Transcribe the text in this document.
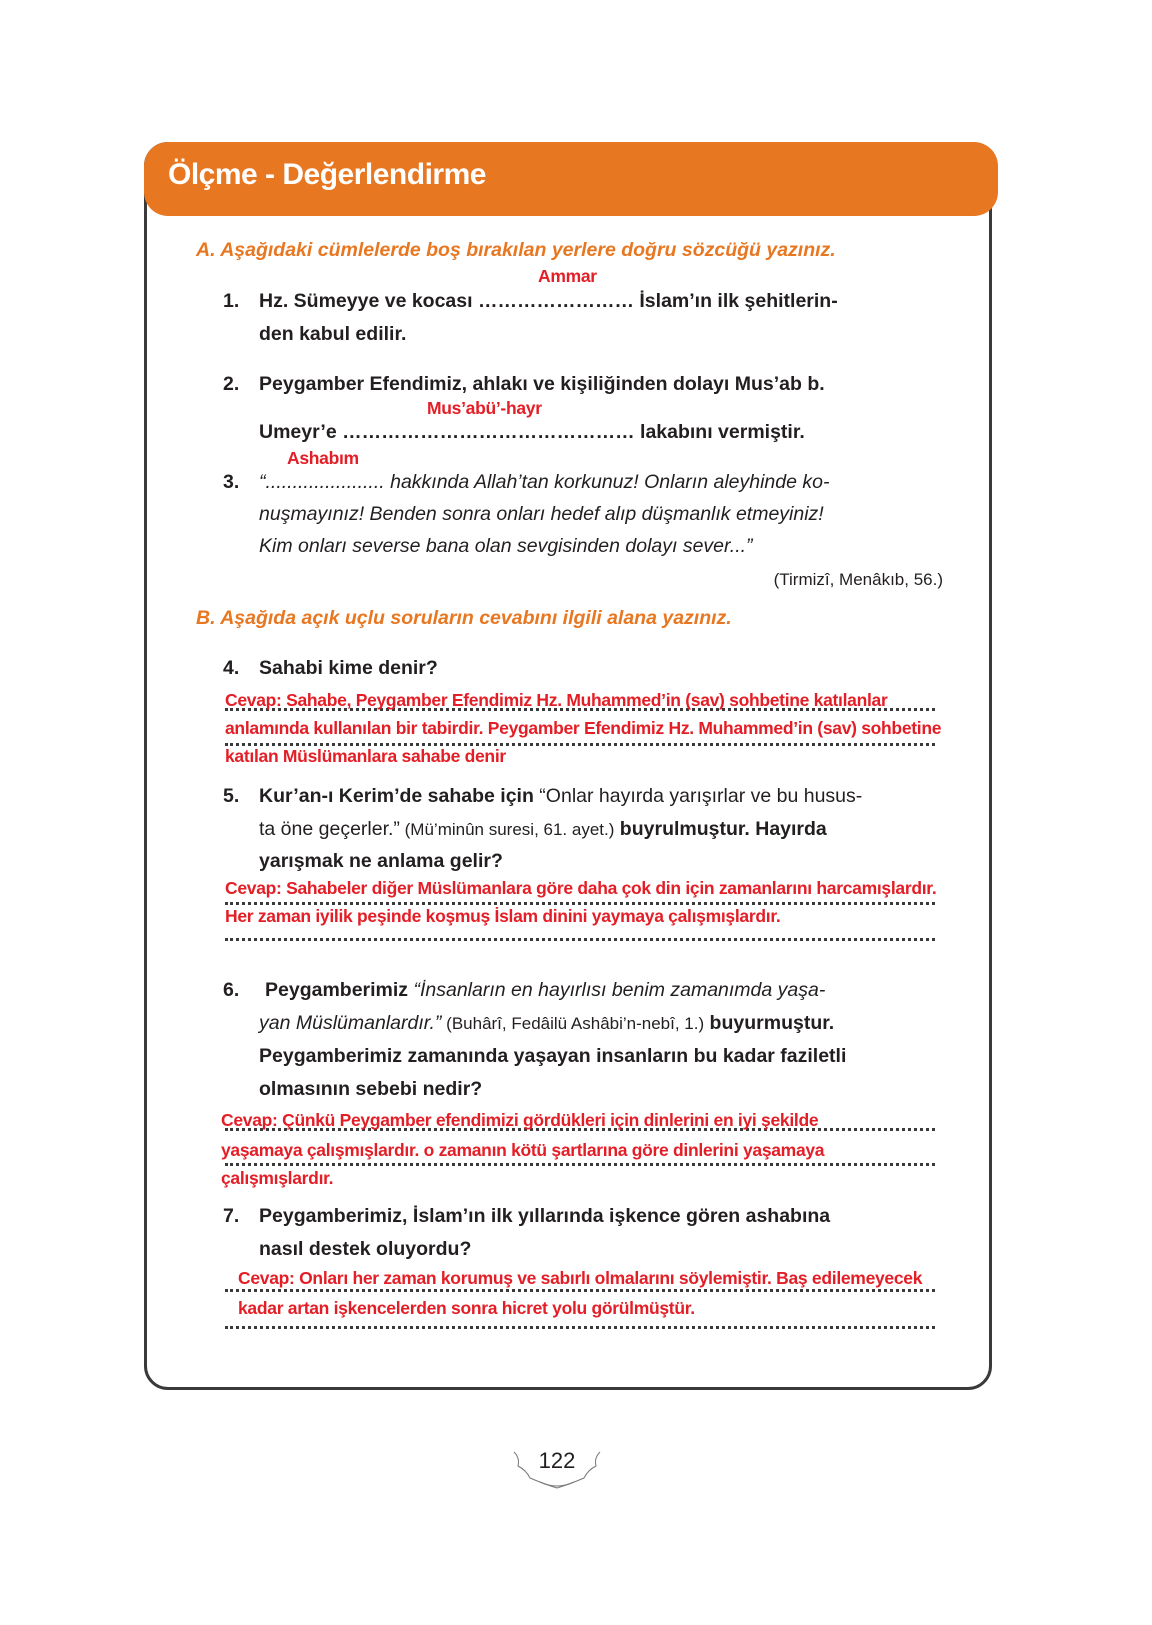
Ölçme - Değerlendirme
A. Aşağıdaki cümlelerde boş bırakılan yerlere doğru sözcüğü yazınız.
Ammar
1. Hz. Sümeyye ve kocası …………………… İslam’ın ilk şehitlerin-
den kabul edilir.
2. Peygamber Efendimiz, ahlakı ve kişiliğinden dolayı Mus’ab b.
Mus’abü’-hayr
Umeyr’e ……………………………………… lakabını vermiştir.
Ashabım
3. “...................... hakkında Allah’tan korkunuz! Onların aleyhinde ko-
nuşmayınız! Benden sonra onları hedef alıp düşmanlık etmeyiniz!
Kim onları severse bana olan sevgisinden dolayı sever...”
(Tirmizî, Menâkıb, 56.)
B. Aşağıda açık uçlu soruların cevabını ilgili alana yazınız.
4. Sahabi kime denir?
Cevap: Sahabe, Peygamber Efendimiz Hz. Muhammed’in (sav) sohbetine katılanlar
anlamında kullanılan bir tabirdir. Peygamber Efendimiz Hz. Muhammed’in (sav) sohbetine
katılan Müslümanlara sahabe denir
5. Kur’an-ı Kerim’de sahabe için “Onlar hayırda yarışırlar ve bu husus-
ta öne geçerler.” (Mü’minûn suresi, 61. ayet.) buyrulmuştur. Hayırda
yarışmak ne anlama gelir?
Cevap: Sahabeler diğer Müslümanlara göre daha çok din için zamanlarını harcamışlardır.
Her zaman iyilik peşinde koşmuş İslam dinini yaymaya çalışmışlardır.
6. Peygamberimiz “İnsanların en hayırlısı benim zamanımda yaşa-
yan Müslümanlardır.” (Buhârî, Fedâilü Ashâbi’n-nebî, 1.) buyurmuştur.
Peygamberimiz zamanında yaşayan insanların bu kadar faziletli
olmasının sebebi nedir?
Cevap: Çünkü Peygamber efendimizi gördükleri için dinlerini en iyi şekilde
yaşamaya çalışmışlardır. o zamanın kötü şartlarına göre dinlerini yaşamaya
çalışmışlardır.
7. Peygamberimiz, İslam’ın ilk yıllarında işkence gören ashabına
nasıl destek oluyordu?
Cevap: Onları her zaman korumuş ve sabırlı olmalarını söylemiştir. Baş edilemeyecek
kadar artan işkencelerden sonra hicret yolu görülmüştür.
122
